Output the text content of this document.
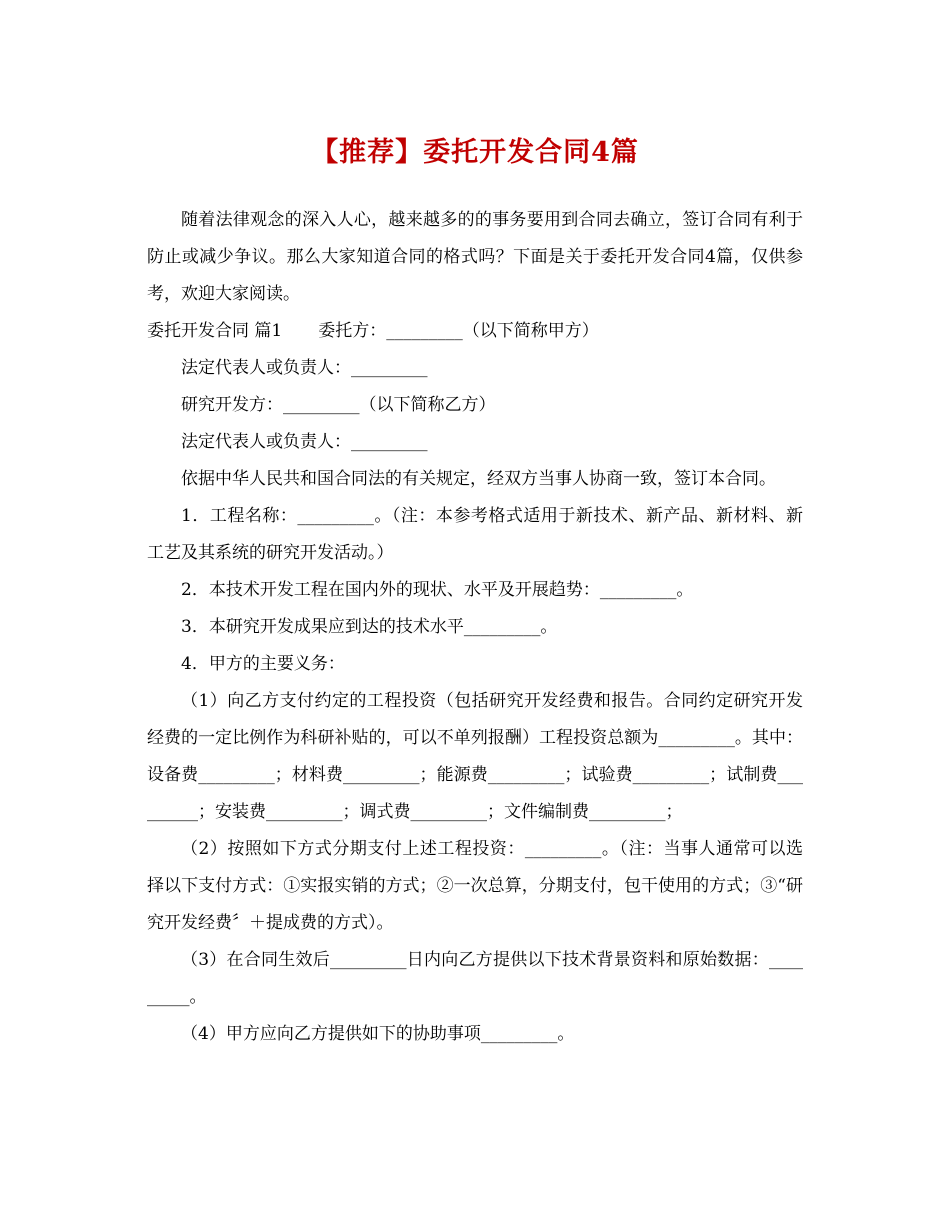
【推荐】委托开发合同4篇

随着法律观念的深入人心，越来越多的的事务要用到合同去确立，签订合同有利于防止或减少争议。那么大家知道合同的格式吗？下面是关于委托开发合同4篇，仅供参考，欢迎大家阅读。

委托开发合同 篇1 委托方：_________（以下简称甲方）

法定代表人或负责人：_________

研究开发方：_________（以下简称乙方）

法定代表人或负责人：_________

依据中华人民共和国合同法的有关规定，经双方当事人协商一致，签订本合同。

1．工程名称：_________。（注：本参考格式适用于新技术、新产品、新材料、新工艺及其系统的研究开发活动。）

2．本技术开发工程在国内外的现状、水平及开展趋势：_________。

3．本研究开发成果应到达的技术水平_________。

4．甲方的主要义务：

（1）向乙方支付约定的工程投资（包括研究开发经费和报告。合同约定研究开发经费的一定比例作为科研补贴的，可以不单列报酬）工程投资总额为_________。其中：设备费_________；材料费_________；能源费_________；试验费_________；试制费_________；安装费_________；调式费_________；文件编制费_________；

（2）按照如下方式分期支付上述工程投资：_________。（注：当事人通常可以选择以下支付方式：①实报实销的方式；②一次总算，分期支付，包干使用的方式；③“研究开发经费〞＋提成费的方式）。

（3）在合同生效后_________日内向乙方提供以下技术背景资料和原始数据：_________。

（4）甲方应向乙方提供如下的协助事项_________。
